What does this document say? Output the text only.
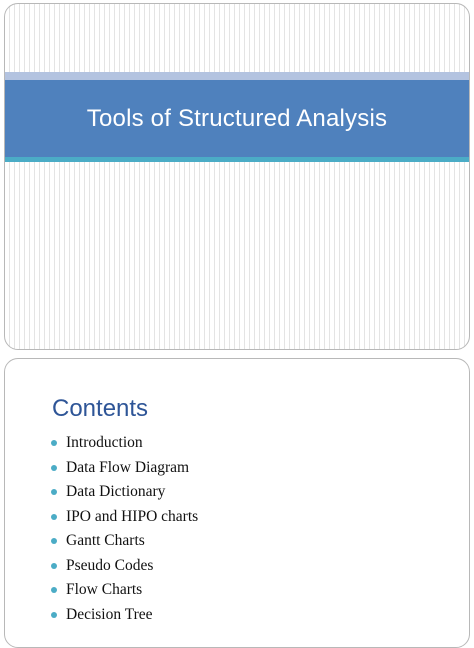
Tools of Structured Analysis
Contents
Introduction
Data Flow Diagram
Data Dictionary
IPO and HIPO charts
Gantt Charts
Pseudo Codes
Flow Charts
Decision Tree
